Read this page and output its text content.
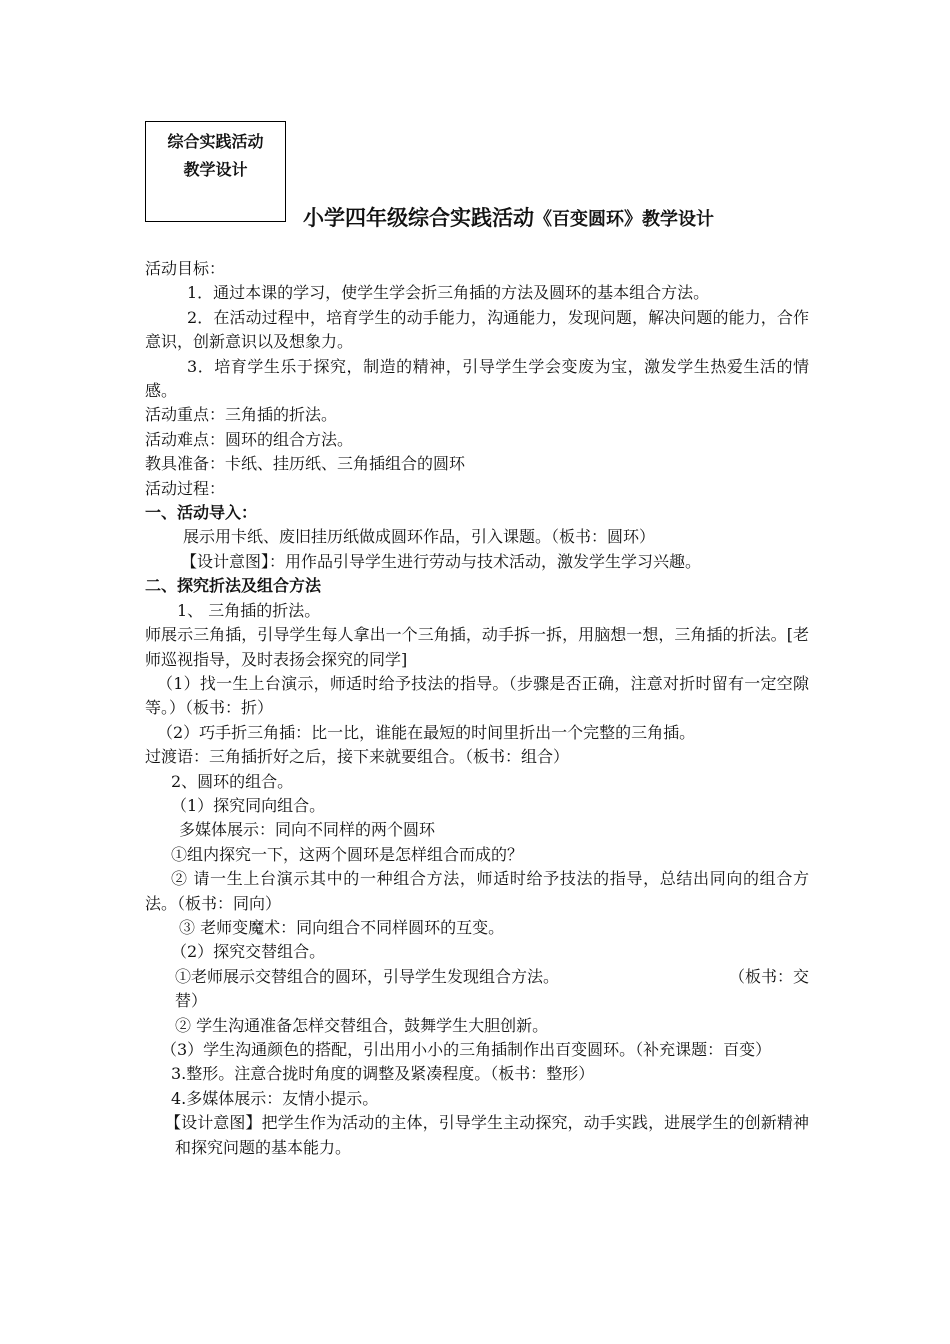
综合实践活动
教学设计
小学四年级综合实践活动《百变圆环》教学设计

活动目标：

1．通过本课的学习，使学生学会折三角插的方法及圆环的基本组合方法。

2．在活动过程中，培育学生的动手能力，沟通能力，发现问题，解决问题的能力，合作意识，创新意识以及想象力。

3．培育学生乐于探究，制造的精神，引导学生学会变废为宝，激发学生热爱生活的情感。

活动重点：三角插的折法。

活动难点：圆环的组合方法。

教具准备：卡纸、挂历纸、三角插组合的圆环

活动过程：

一、活动导入：

展示用卡纸、废旧挂历纸做成圆环作品，引入课题。（板书：圆环）

【设计意图】：用作品引导学生进行劳动与技术活动，激发学生学习兴趣。

二、探究折法及组合方法

1、 三角插的折法。

师展示三角插，引导学生每人拿出一个三角插，动手拆一拆，用脑想一想，三角插的折法。[老师巡视指导，及时表扬会探究的同学]

（1）找一生上台演示，师适时给予技法的指导。（步骤是否正确，注意对折时留有一定空隙等。）（板书：折）

（2）巧手折三角插：比一比，谁能在最短的时间里折出一个完整的三角插。

过渡语：三角插折好之后，接下来就要组合。（板书：组合）

2、圆环的组合。

（1）探究同向组合。

多媒体展示：同向不同样的两个圆环

①组内探究一下，这两个圆环是怎样组合而成的？

② 请一生上台演示其中的一种组合方法，师适时给予技法的指导，总结出同向的组合方法。（板书：同向）

③ 老师变魔术：同向组合不同样圆环的互变。

（2）探究交替组合。

①老师展示交替组合的圆环，引导学生发现组合方法。	（板书：交

替）

② 学生沟通准备怎样交替组合，鼓舞学生大胆创新。

（3）学生沟通颜色的搭配，引出用小小的三角插制作出百变圆环。（补充课题：百变）

3.整形。注意合拢时角度的调整及紧凑程度。（板书：整形）

4.多媒体展示：友情小提示。

【设计意图】把学生作为活动的主体，引导学生主动探究，动手实践，进展学生的创新精神和探究问题的基本能力。
